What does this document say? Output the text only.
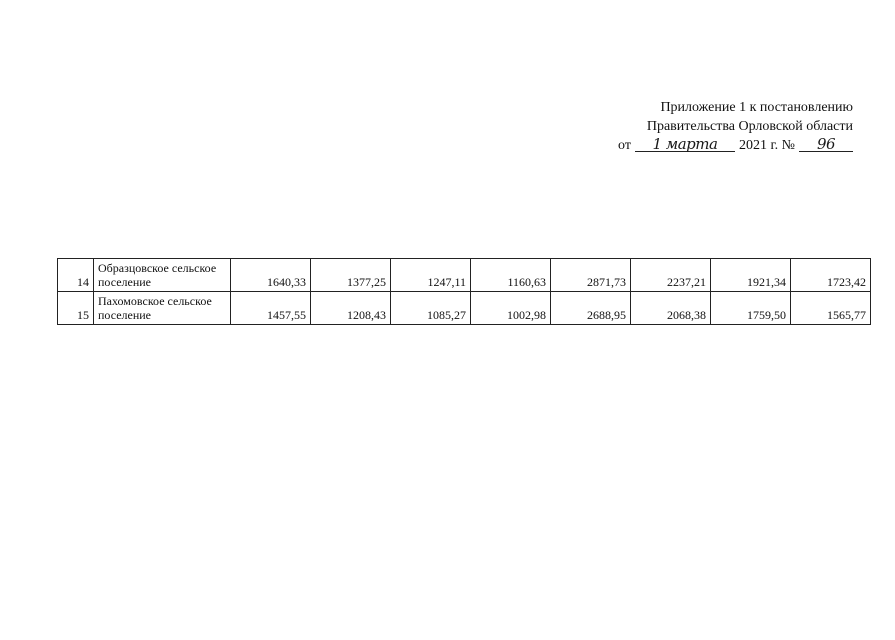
Приложение 1 к постановлению
Правительства Орловской области
от 1 марта 2021 г. № 96
14	Образцовское сельское поселение	1640,33	1377,25	1247,11	1160,63	2871,73	2237,21	1921,34	1723,42
15	Пахомовское сельское поселение	1457,55	1208,43	1085,27	1002,98	2688,95	2068,38	1759,50	1565,77
